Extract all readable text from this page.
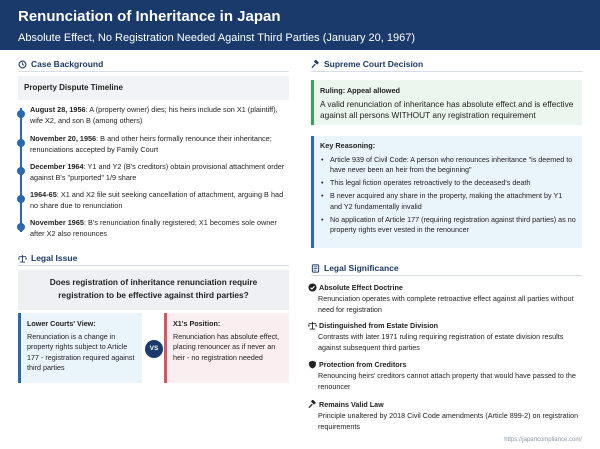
Renunciation of Inheritance in Japan
Absolute Effect, No Registration Needed Against Third Parties (January 20, 1967)
Case Background
Property Dispute Timeline
August 28, 1956: A (property owner) dies; his heirs include son X1 (plaintiff), wife X2, and son B (among others)
November 20, 1956: B and other heirs formally renounce their inheritance; renunciations accepted by Family Court
December 1964: Y1 and Y2 (B's creditors) obtain provisional attachment order against B's "purported" 1/9 share
1964-65: X1 and X2 file suit seeking cancellation of attachment, arguing B had no share due to renunciation
November 1965: B's renunciation finally registered; X1 becomes sole owner after X2 also renounces
Legal Issue
Does registration of inheritance renunciation require registration to be effective against third parties?
Lower Courts' View:
Renunciation is a change in property rights subject to Article 177 - registration required against third parties
VS
X1's Position:
Renunciation has absolute effect, placing renouncer as if never an heir - no registration needed
Supreme Court Decision
Ruling: Appeal allowed
A valid renunciation of inheritance has absolute effect and is effective against all persons WITHOUT any registration requirement
Key Reasoning:
• Article 939 of Civil Code: A person who renounces inheritance "is deemed to have never been an heir from the beginning"
• This legal fiction operates retroactively to the deceased's death
• B never acquired any share in the property, making the attachment by Y1 and Y2 fundamentally invalid
• No application of Article 177 (requiring registration against third parties) as no property rights ever vested in the renouncer
Legal Significance
Absolute Effect Doctrine
Renunciation operates with complete retroactive effect against all parties without need for registration
Distinguished from Estate Division
Contrasts with later 1971 ruling requiring registration of estate division results against subsequent third parties
Protection from Creditors
Renouncing heirs' creditors cannot attach property that would have passed to the renouncer
Remains Valid Law
Principle unaltered by 2018 Civil Code amendments (Article 899-2) on registration requirements
https://japancompliance.com/
